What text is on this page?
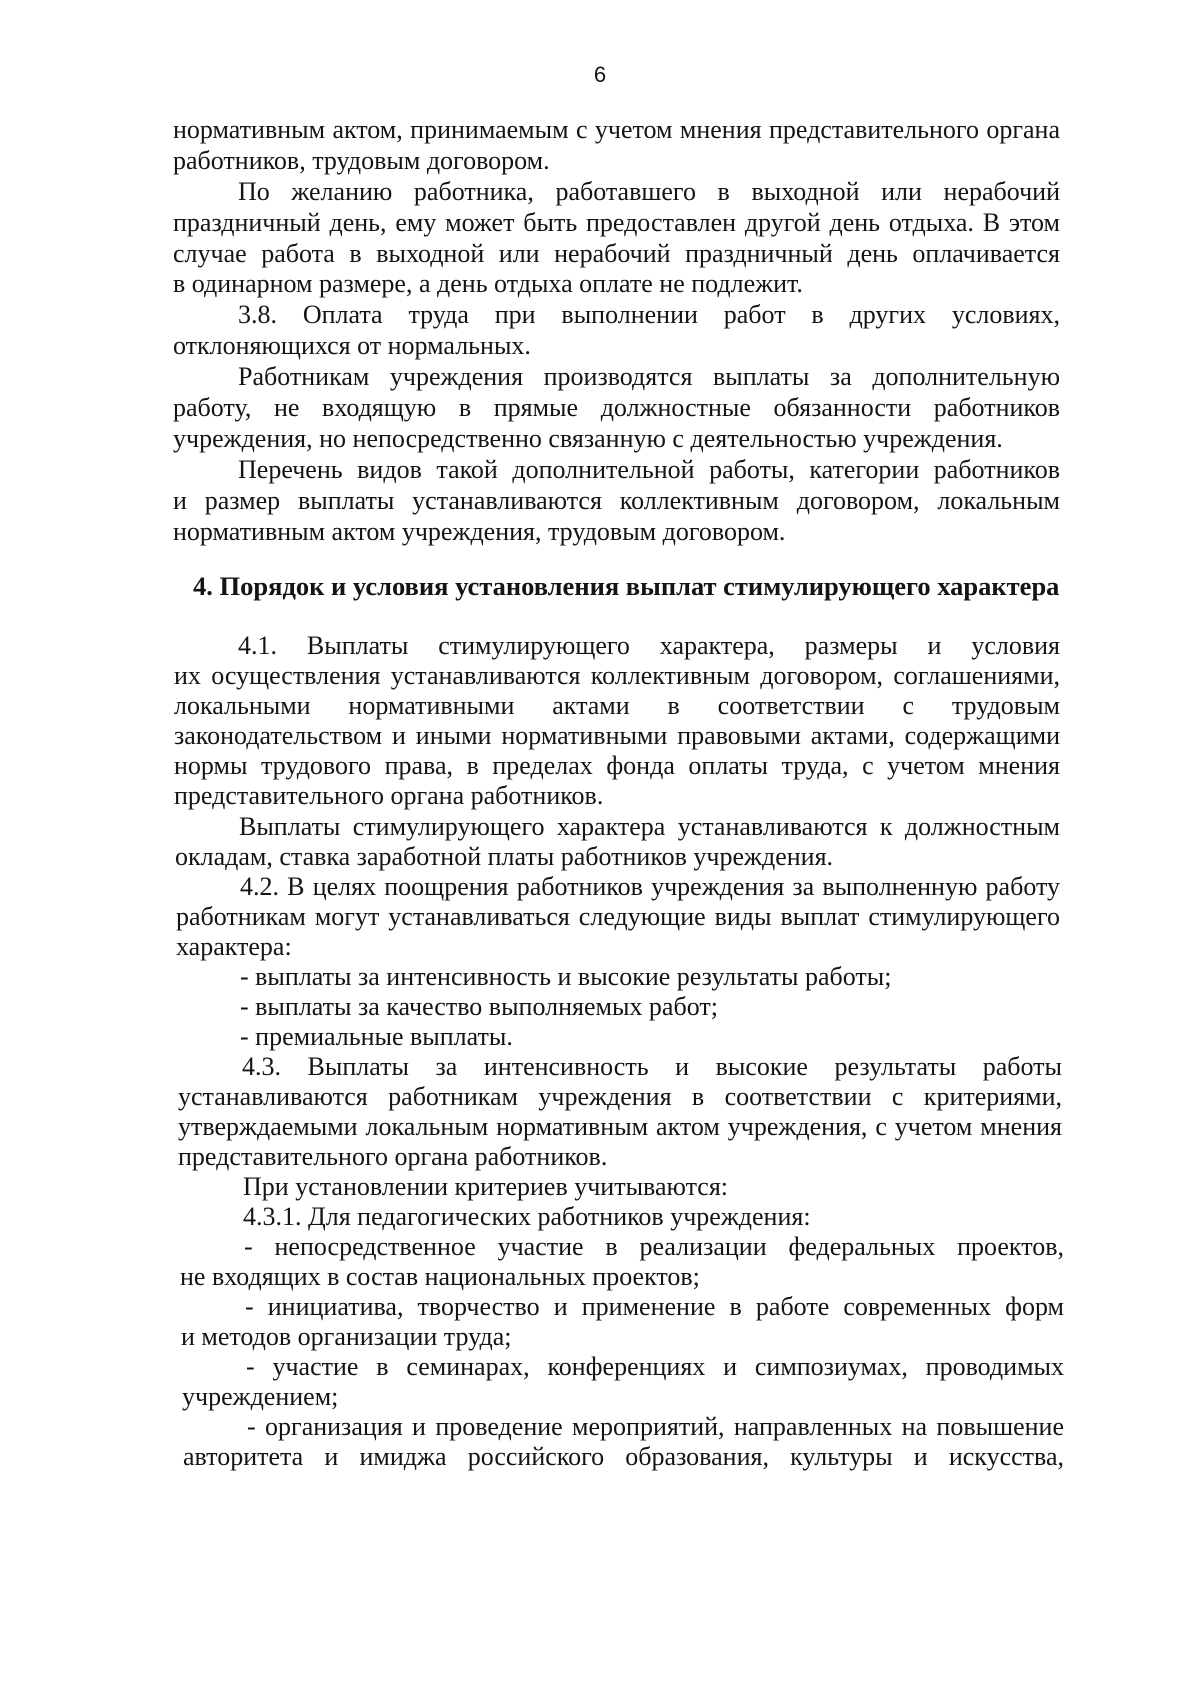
6
нормативным актом, принимаемым с учетом мнения представительного органа
работников, трудовым договором.
По желанию работника, работавшего в выходной или нерабочий
праздничный день, ему может быть предоставлен другой день отдыха. В этом
случае работа в выходной или нерабочий праздничный день оплачивается
в одинарном размере, а день отдыха оплате не подлежит.
3.8. Оплата труда при выполнении работ в других условиях,
отклоняющихся от нормальных.
Работникам учреждения производятся выплаты за дополнительную
работу, не входящую в прямые должностные обязанности работников
учреждения, но непосредственно связанную с деятельностью учреждения.
Перечень видов такой дополнительной работы, категории работников
и размер выплаты устанавливаются коллективным договором, локальным
нормативным актом учреждения, трудовым договором.
4. Порядок и условия установления выплат стимулирующего характера
4.1. Выплаты стимулирующего характера, размеры и условия
их осуществления устанавливаются коллективным договором, соглашениями,
локальными нормативными актами в соответствии с трудовым
законодательством и иными нормативными правовыми актами, содержащими
нормы трудового права, в пределах фонда оплаты труда, с учетом мнения
представительного органа работников.
Выплаты стимулирующего характера устанавливаются к должностным
окладам, ставка заработной платы работников учреждения.
4.2. В целях поощрения работников учреждения за выполненную работу
работникам могут устанавливаться следующие виды выплат стимулирующего
характера:
- выплаты за интенсивность и высокие результаты работы;
- выплаты за качество выполняемых работ;
- премиальные выплаты.
4.3. Выплаты за интенсивность и высокие результаты работы
устанавливаются работникам учреждения в соответствии с критериями,
утверждаемыми локальным нормативным актом учреждения, с учетом мнения
представительного органа работников.
При установлении критериев учитываются:
4.3.1. Для педагогических работников учреждения:
- непосредственное участие в реализации федеральных проектов,
не входящих в состав национальных проектов;
- инициатива, творчество и применение в работе современных форм
и методов организации труда;
- участие в семинарах, конференциях и симпозиумах, проводимых
учреждением;
- организация и проведение мероприятий, направленных на повышение
авторитета и имиджа российского образования, культуры и искусства,
